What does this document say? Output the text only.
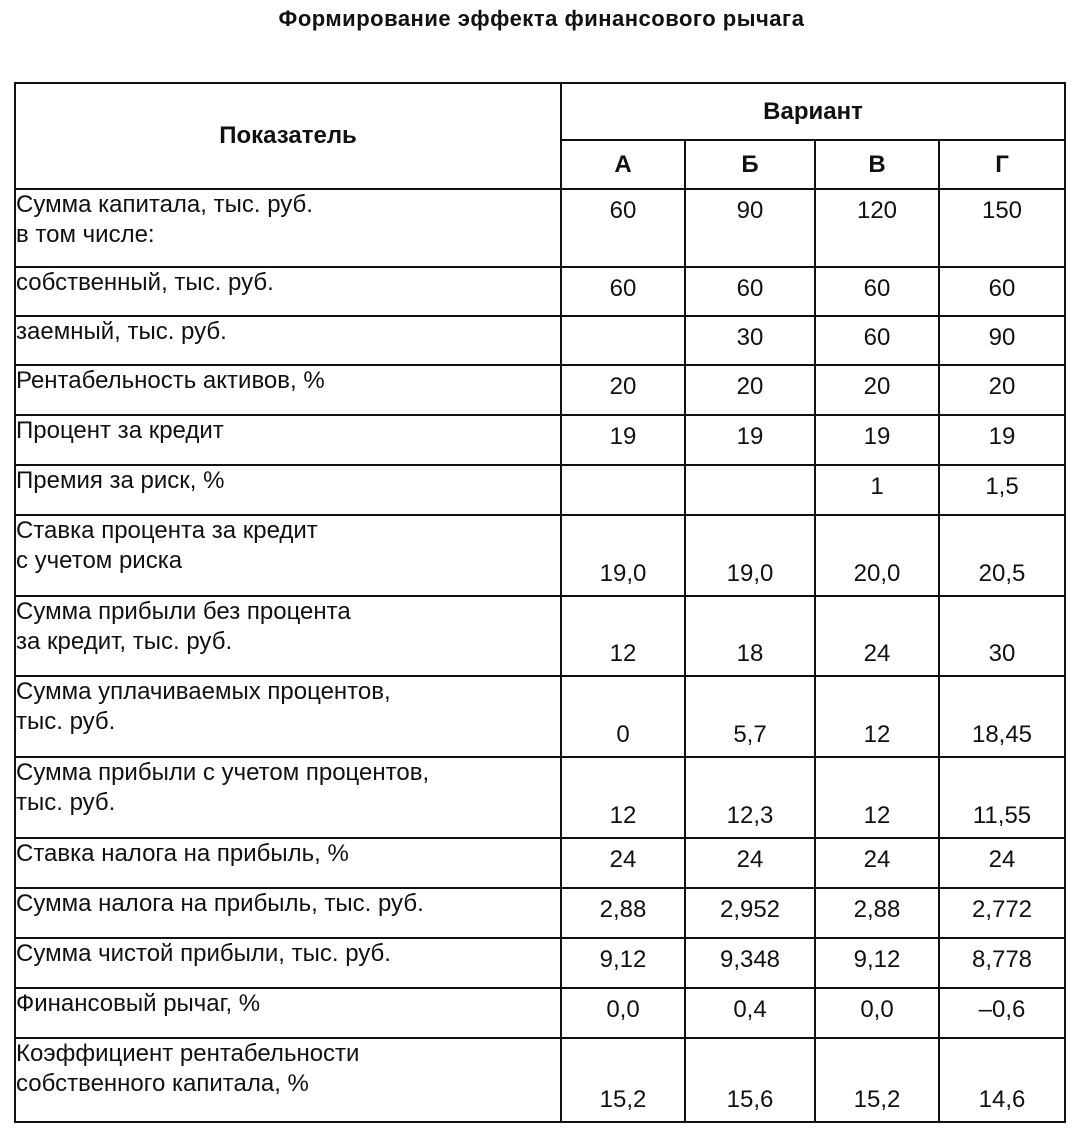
Формирование эффекта финансового рычага
Показатель	Вариант			
	А	Б	В	Г

Сумма капитала, тыс. руб.
в том числе:	60	90	120	150

собственный, тыс. руб.	60	60	60	60

заемный, тыс. руб.		30	60	90

Рентабельность активов, %	20	20	20	20

Процент за кредит	19	19	19	19

Премия за риск, %			1	1,5

Ставка процента за кредит
с учетом риска	19,0	19,0	20,0	20,5

Сумма прибыли без процента
за кредит, тыс. руб.	12	18	24	30

Сумма уплачиваемых процентов,
тыс. руб.	0	5,7	12	18,45

Сумма прибыли с учетом процентов,
тыс. руб.	12	12,3	12	11,55

Ставка налога на прибыль, %	24	24	24	24

Сумма налога на прибыль, тыс. руб.	2,88	2,952	2,88	2,772

Сумма чистой прибыли, тыс. руб.	9,12	9,348	9,12	8,778

Финансовый рычаг, %	0,0	0,4	0,0	–0,6

Коэффициент рентабельности
собственного капитала, %	15,2	15,6	15,2	14,6
